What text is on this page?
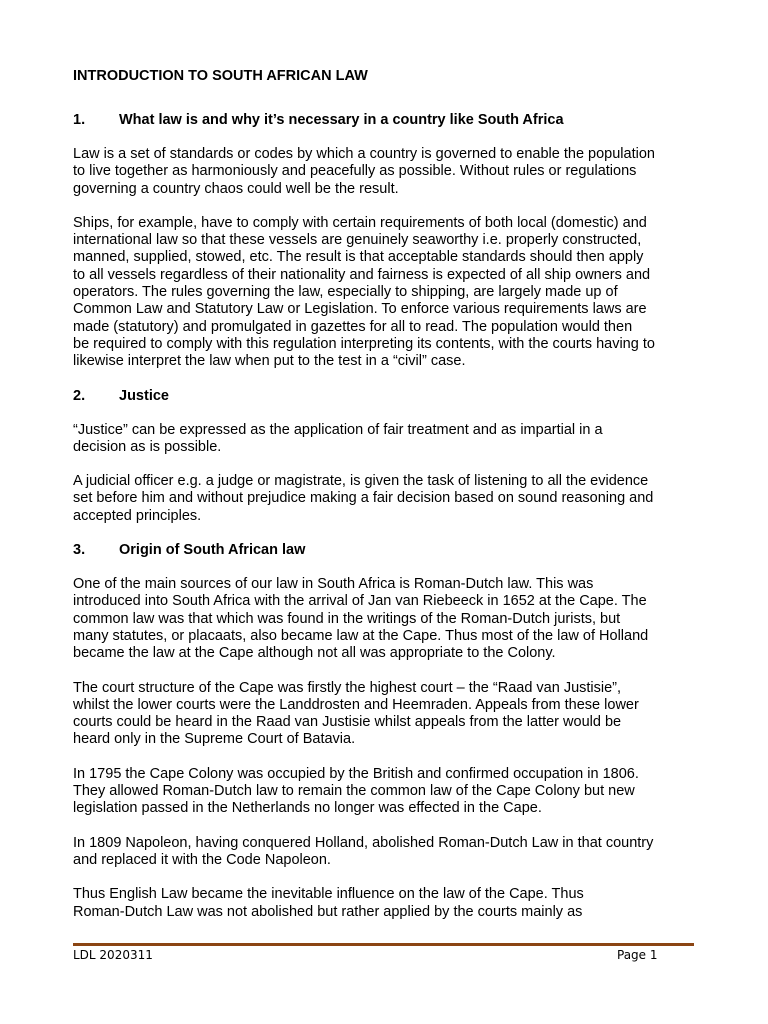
INTRODUCTION TO SOUTH AFRICAN LAW
1.	What law is and why it’s necessary in a country like South Africa

Law is a set of standards or codes by which a country is governed to enable the population
to live together as harmoniously and peacefully as possible. Without rules or regulations
governing a country chaos could well be the result.

Ships, for example, have to comply with certain requirements of both local (domestic) and
international law so that these vessels are genuinely seaworthy i.e. properly constructed,
manned, supplied, stowed, etc. The result is that acceptable standards should then apply
to all vessels regardless of their nationality and fairness is expected of all ship owners and
operators. The rules governing the law, especially to shipping, are largely made up of
Common Law and Statutory Law or Legislation. To enforce various requirements laws are
made (statutory) and promulgated in gazettes for all to read. The population would then
be required to comply with this regulation interpreting its contents, with the courts having to
likewise interpret the law when put to the test in a “civil” case.

2.	Justice

“Justice” can be expressed as the application of fair treatment and as impartial in a
decision as is possible.

A judicial officer e.g. a judge or magistrate, is given the task of listening to all the evidence
set before him and without prejudice making a fair decision based on sound reasoning and
accepted principles.

3.	Origin of South African law

One of the main sources of our law in South Africa is Roman-Dutch law. This was
introduced into South Africa with the arrival of Jan van Riebeeck in 1652 at the Cape. The
common law was that which was found in the writings of the Roman-Dutch jurists, but
many statutes, or placaats, also became law at the Cape. Thus most of the law of Holland
became the law at the Cape although not all was appropriate to the Colony.

The court structure of the Cape was firstly the highest court – the “Raad van Justisie”,
whilst the lower courts were the Landdrosten and Heemraden. Appeals from these lower
courts could be heard in the Raad van Justisie whilst appeals from the latter would be
heard only in the Supreme Court of Batavia.

In 1795 the Cape Colony was occupied by the British and confirmed occupation in 1806.
They allowed Roman-Dutch law to remain the common law of the Cape Colony but new
legislation passed in the Netherlands no longer was effected in the Cape.

In 1809 Napoleon, having conquered Holland, abolished Roman-Dutch Law in that country
and replaced it with the Code Napoleon.

Thus English Law became the inevitable influence on the law of the Cape. Thus
Roman-Dutch Law was not abolished but rather applied by the courts mainly as

LDL 2020311	Page 1
